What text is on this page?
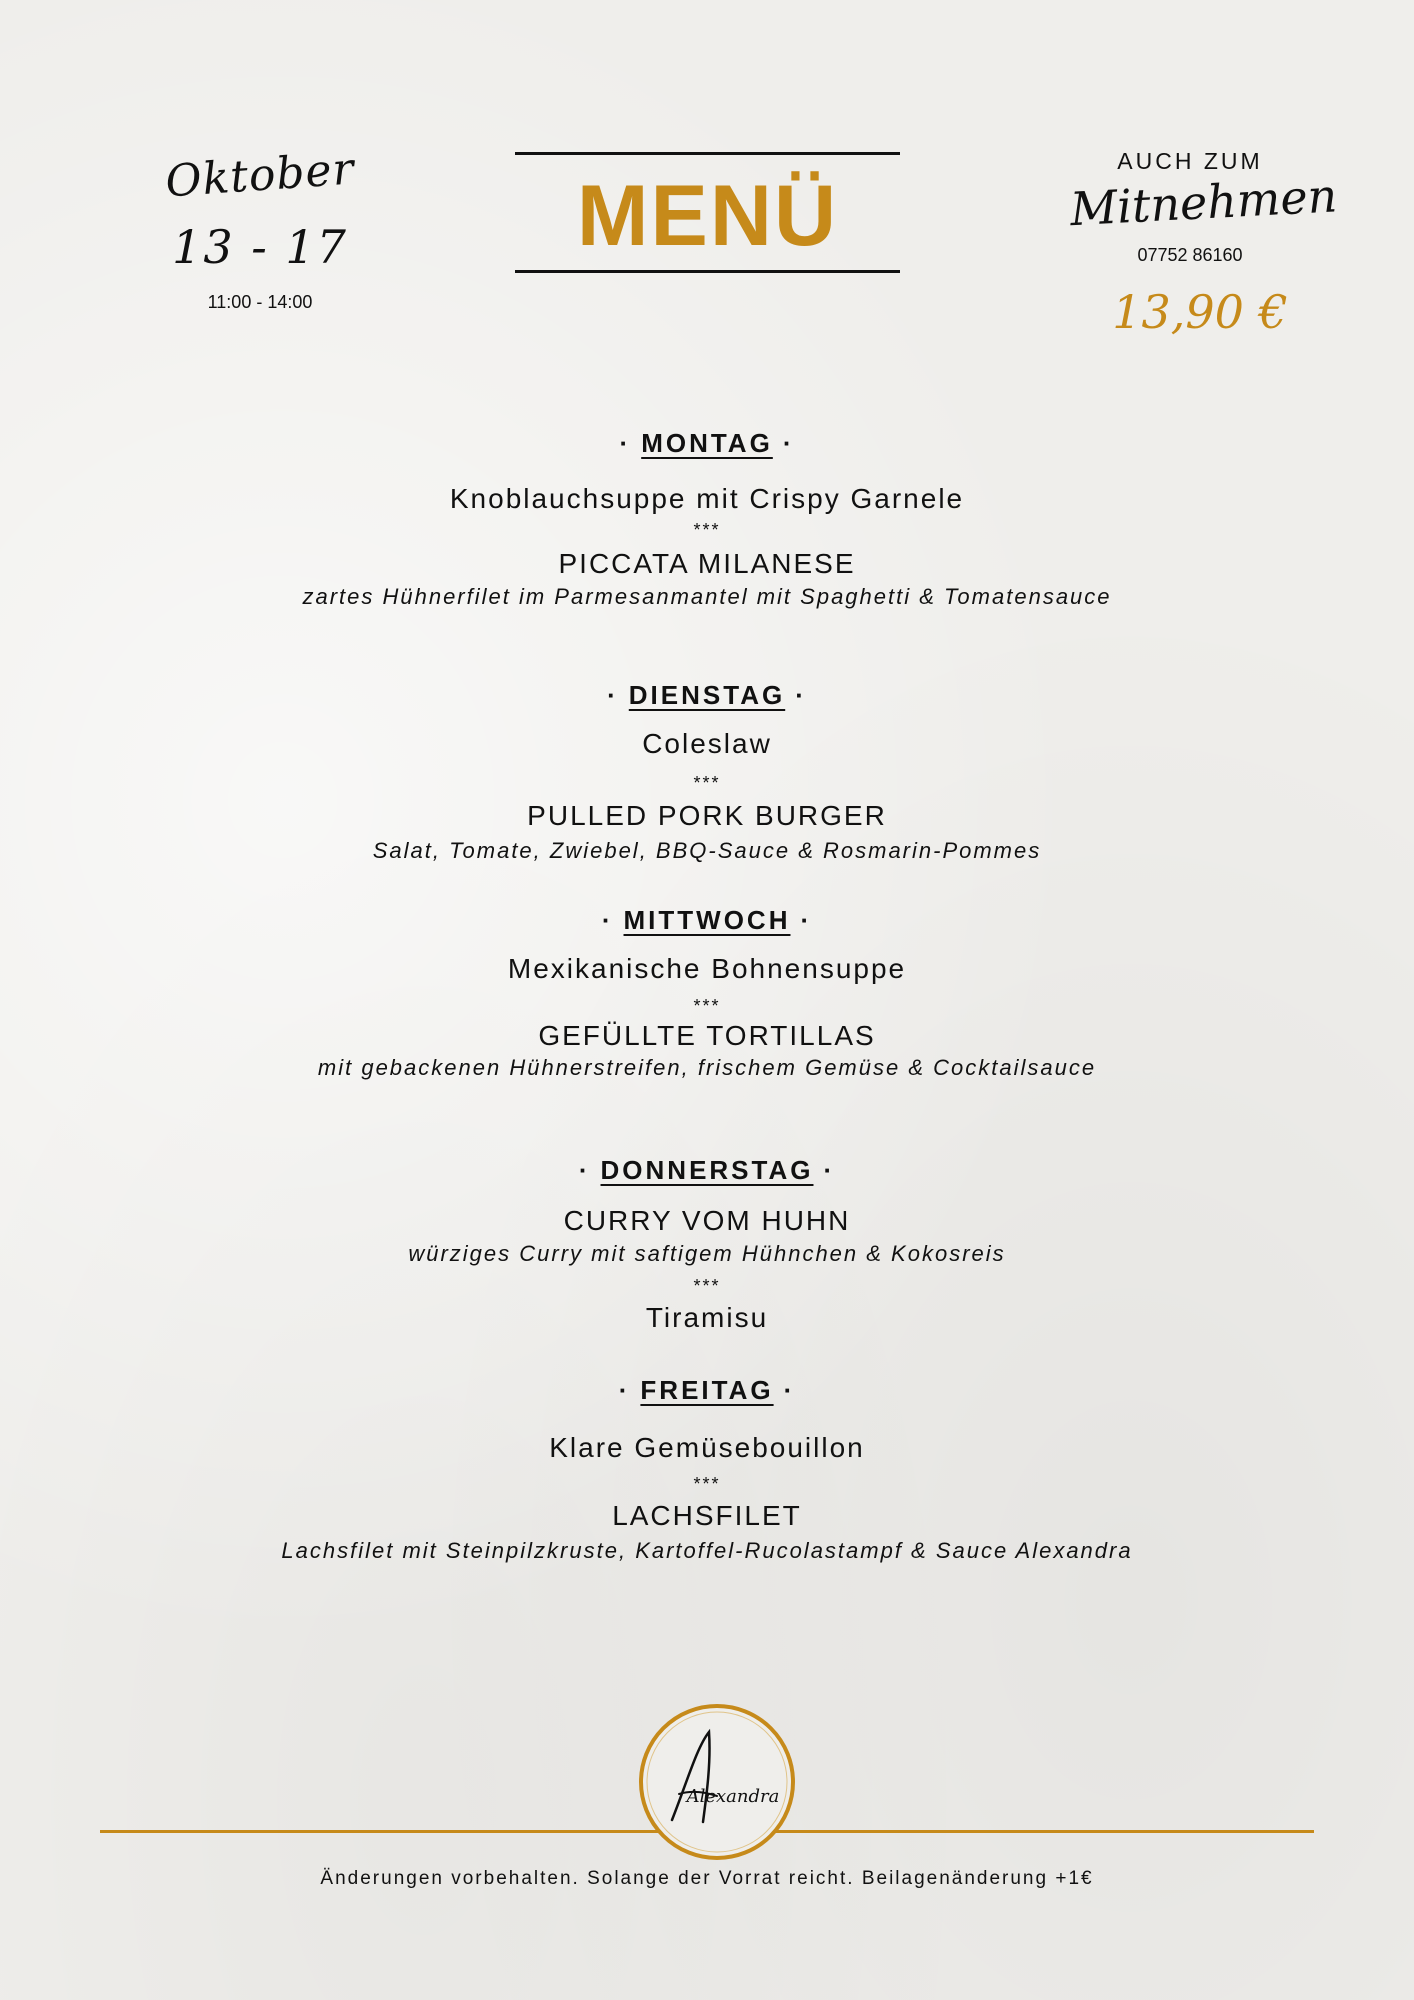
Oktober
13 - 17
11:00 - 14:00
MENÜ
AUCH ZUM
Mitnehmen
07752 86160
13,90 €
· MONTAG ·
Knoblauchsuppe mit Crispy Garnele
***
PICCATA MILANESE
zartes Hühnerfilet im Parmesanmantel mit Spaghetti & Tomatensauce
· DIENSTAG ·
Coleslaw
***
PULLED PORK BURGER
Salat, Tomate, Zwiebel, BBQ-Sauce & Rosmarin-Pommes
· MITTWOCH ·
Mexikanische Bohnensuppe
***
GEFÜLLTE TORTILLAS
mit gebackenen Hühnerstreifen, frischem Gemüse & Cocktailsauce
· DONNERSTAG ·
CURRY VOM HUHN
würziges Curry mit saftigem Hühnchen & Kokosreis
***
Tiramisu
· FREITAG ·
Klare Gemüsebouillon
***
LACHSFILET
Lachsfilet mit Steinpilzkruste, Kartoffel-Rucolastampf & Sauce Alexandra
Alexandra
Änderungen vorbehalten. Solange der Vorrat reicht. Beilagenänderung +1€
